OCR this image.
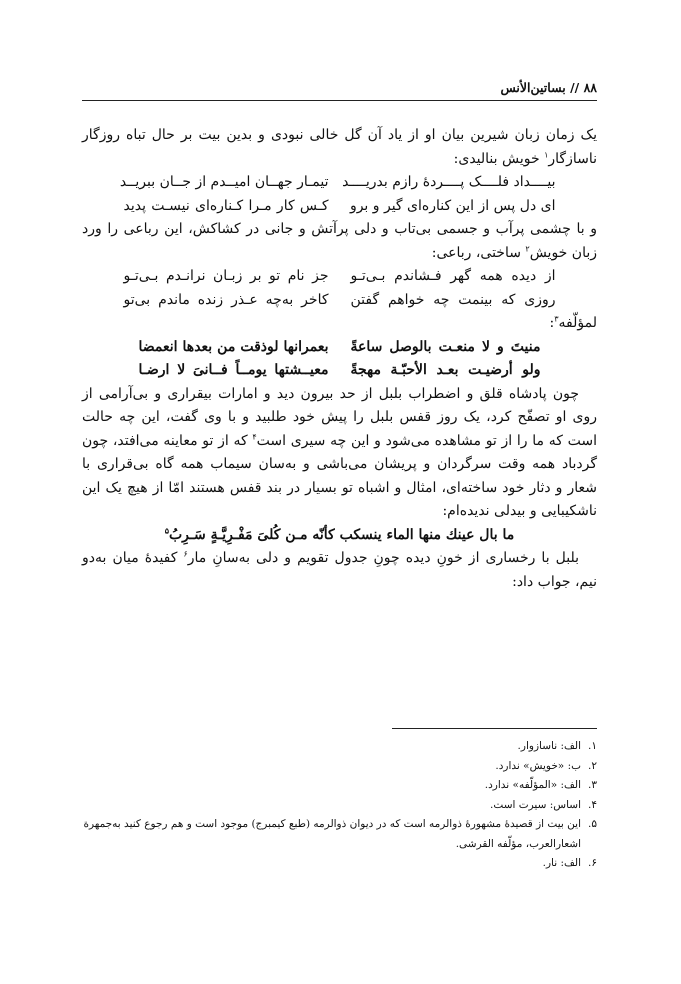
۸۸ // بساتین‌الأنس

یک زمان زبان شیرین بیان او از یاد آن گل خالی نبودی و بدین بیت بر حال تباه روزگار ناسازگار$^۱$ خویش بنالیدی:

بیــــداد فلــــک پــــردهٔ رازم بدریــــد
تیمـار جهــان امیــدم از جــان ببریــد
ای دل پس از این کناره‌ای گیر و برو
کـس کار مـرا کـناره‌ای نیسـت پدید

و با چشمی پرآب و جسمی بی‌تاب و دلی پرآتش و جانی در کشاکش، این رباعی را ورد زبان خویش$^۲$ ساختی، رباعی:

از دیده همه گهر فـشاندم بـی‌تـو
جز نام تو بر زبـان نرانـدم بـی‌تـو
روزی که بینمت چه خواهم گفتن
کاخر به‌چه عـذر زنده ماندم بی‌تو

لمؤلّفه$^۳$:

منیتَ و لا منعـت بالوصل ساعةً
بعمرانها لوذقت من بعدها انعمضا
ولو أرضیـت بعـد الأحبّـة مهجةً
معیــشتها یومــاً فــانیَ لا ارضـا

چون پادشاه قلق و اضطراب بلبل از حد بیرون دید و امارات بیقراری و بی‌آرامی از روی او تصفّح کرد، یک روز قفس بلبل را پیش خود طلبید و با وی گفت، این چه حالت است که ما را از تو مشاهده می‌شود و این چه سیری است$^۴$ که از تو معاینه می‌افتد، چون گردباد همه وقت سرگردان و پریشان می‌باشی و به‌سان سیماب همه گاه بی‌قراری با شعار و دثار خود ساخته‌ای، امثال و اشباه تو بسیار در بند قفس هستند امّا از هیچ یک این ناشکیبایی و بیدلی ندیده‌ام:

ما بال عینك منها الماء ینسکب کأنّه مـن کُلیَ مَفْـرِیَّـةٍ سَـرِبُ$^۵$

بلبل با رخساری از خونِ دیده چونِ جدول تقویم و دلی به‌سانِ مار$^۶$ کفیدهٔ میان به‌دو نیم، جواب داد:

۱.
الف: ناسازوار.
۲.
ب: «خویش» ندارد.
۳.
الف: «المؤلّفه» ندارد.
۴.
اساس: سیرت است.
۵.
این بیت از قصیدهٔ مشهورهٔ ذوالرمه است که در دیوان ذوالرمه (طبع کیمبرج) موجود است و هم رجوع کنید به‌جمهرة اشعارالعرب، مؤلّفه القرشی.
۶.
الف: نار.
